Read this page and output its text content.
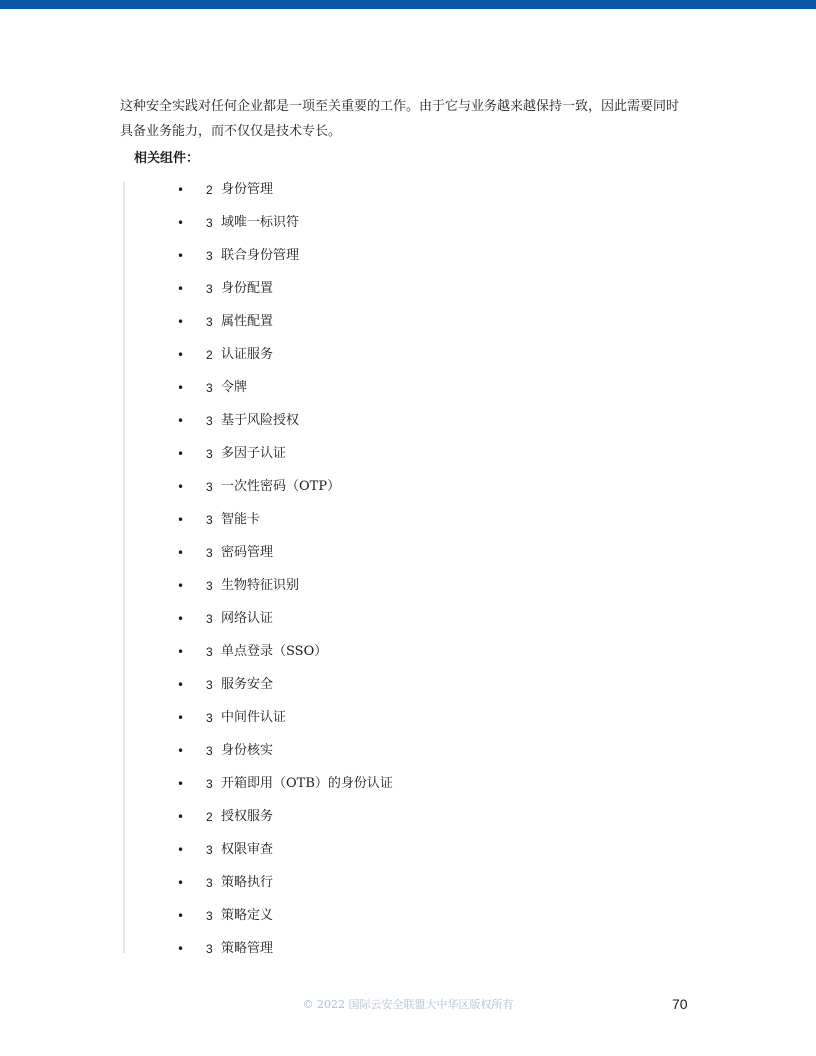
这种安全实践对任何企业都是一项至关重要的工作。由于它与业务越来越保持一致，因此需要同时

具备业务能力，而不仅仅是技术专长。

相关组件：
• 2 身份管理
• 3 域唯一标识符
• 3 联合身份管理
• 3 身份配置
• 3 属性配置
• 2 认证服务
• 3 令牌
• 3 基于风险授权
• 3 多因子认证
• 3 一次性密码（OTP）
• 3 智能卡
• 3 密码管理
• 3 生物特征识别
• 3 网络认证
• 3 单点登录（SSO）
• 3 服务安全
• 3 中间件认证
• 3 身份核实
• 3 开箱即用（OTB）的身份认证
• 2 授权服务
• 3 权限审查
• 3 策略执行
• 3 策略定义
• 3 策略管理
© 2022 国际云安全联盟大中华区版权所有	70
